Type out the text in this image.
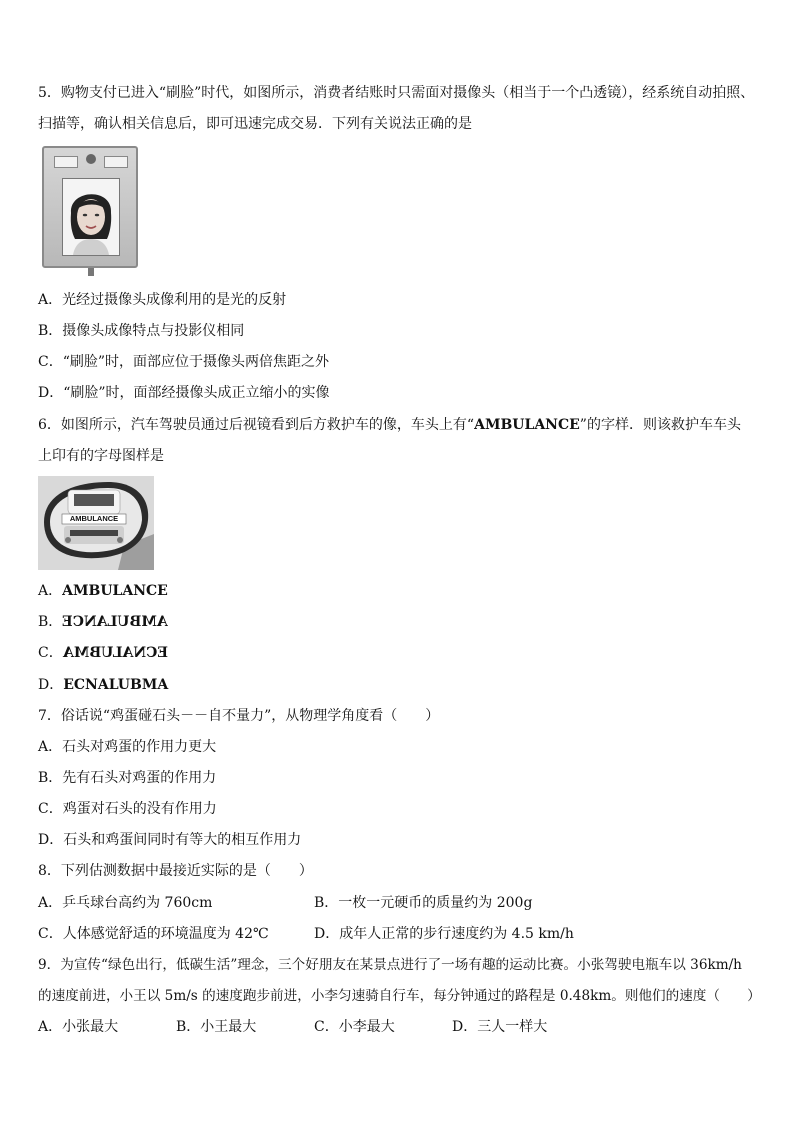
5．购物支付已进入“刷脸”时代，如图所示，消费者结账时只需面对摄像头（相当于一个凸透镜），经系统自动拍照、
扫描等，确认相关信息后，即可迅速完成交易．下列有关说法正确的是
A．光经过摄像头成像利用的是光的反射
B．摄像头成像特点与投影仪相同
C．“刷脸”时，面部应位于摄像头两倍焦距之外
D．“刷脸”时，面部经摄像头成正立缩小的实像
6．如图所示，汽车驾驶员通过后视镜看到后方救护车的像，车头上有“AMBULANCE”的字样．则该救护车车头
上印有的字母图样是
AMBULANCE
A．AMBULANCE
B．AMBULANCE
C．ECNALUBMA
D．ECNALUBMA
7．俗话说“鸡蛋碰石头－－自不量力”，从物理学角度看（　　）
A．石头对鸡蛋的作用力更大
B．先有石头对鸡蛋的作用力
C．鸡蛋对石头的没有作用力
D．石头和鸡蛋间同时有等大的相互作用力
8．下列估测数据中最接近实际的是（　　）
A．乒乓球台高约为 760cm	B．一枚一元硬币的质量约为 200g
C．人体感觉舒适的环境温度为 42℃	D．成年人正常的步行速度约为 4.5 km/h
9．为宣传“绿色出行，低碳生活”理念，三个好朋友在某景点进行了一场有趣的运动比赛。小张驾驶电瓶车以 36km/h
的速度前进，小王以 5m/s 的速度跑步前进，小李匀速骑自行车，每分钟通过的路程是 0.48km。则他们的速度（　　）
A．小张最大	B．小王最大	C．小李最大	D．三人一样大
